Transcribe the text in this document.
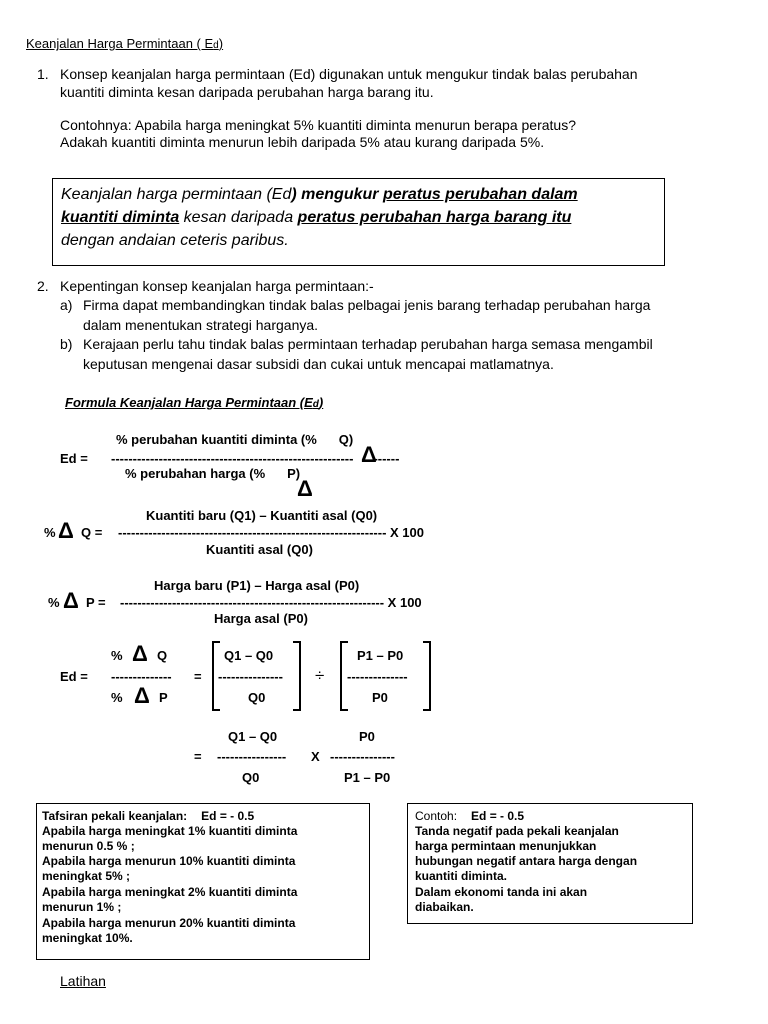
Keanjalan Harga Permintaan ( Ed)
1. Konsep keanjalan harga permintaan (Ed) digunakan untuk mengukur tindak balas perubahan
kuantiti diminta kesan daripada perubahan harga barang itu.
Contohnya: Apabila harga meningkat 5% kuantiti diminta menurun berapa peratus?
Adakah kuantiti diminta menurun lebih daripada 5% atau kurang daripada 5%.
Keanjalan harga permintaan (Ed) mengukur peratus perubahan dalam
kuantiti diminta kesan daripada peratus perubahan harga barang itu
dengan andaian ceteris paribus.
2. Kepentingan konsep keanjalan harga permintaan:-
a) Firma dapat membandingkan tindak balas pelbagai jenis barang terhadap perubahan harga
dalam menentukan strategi harganya.
b) Kerajaan perlu tahu tindak balas permintaan terhadap perubahan harga semasa mengambil
keputusan mengenai dasar subsidi dan cukai untuk mencapai matlamatnya.
Formula Keanjalan Harga Permintaan (Ed)
% perubahan kuantiti diminta (% Q)
Ed = -------------------------------------------------------- ------
Δ
% perubahan harga (% P)
Δ
Kuantiti baru (Q1) – Kuantiti asal (Q0)
% Δ Q = -------------------------------------------------------------- X 100
Kuantiti asal (Q0)
Harga baru (P1) – Harga asal (P0)
% Δ P = ------------------------------------------------------------- X 100
Harga asal (P0)
% Δ Q
Ed = -------------- =
% Δ P
Q1 – Q0
---------------
Q0
÷
P1 – P0
--------------
P0
Q1 – Q0	P0
= ---------------- X ---------------
Q0	P1 – P0
Tafsiran pekali keanjalan: Ed = - 0.5
Apabila harga meningkat 1% kuantiti diminta
menurun 0.5 % ;
Apabila harga menurun 10% kuantiti diminta
meningkat 5% ;
Apabila harga meningkat 2% kuantiti diminta
menurun 1% ;
Apabila harga menurun 20% kuantiti diminta
meningkat 10%.
Contoh: Ed = - 0.5
Tanda negatif pada pekali keanjalan
harga permintaan menunjukkan
hubungan negatif antara harga dengan
kuantiti diminta.
Dalam ekonomi tanda ini akan
diabaikan.
Latihan
